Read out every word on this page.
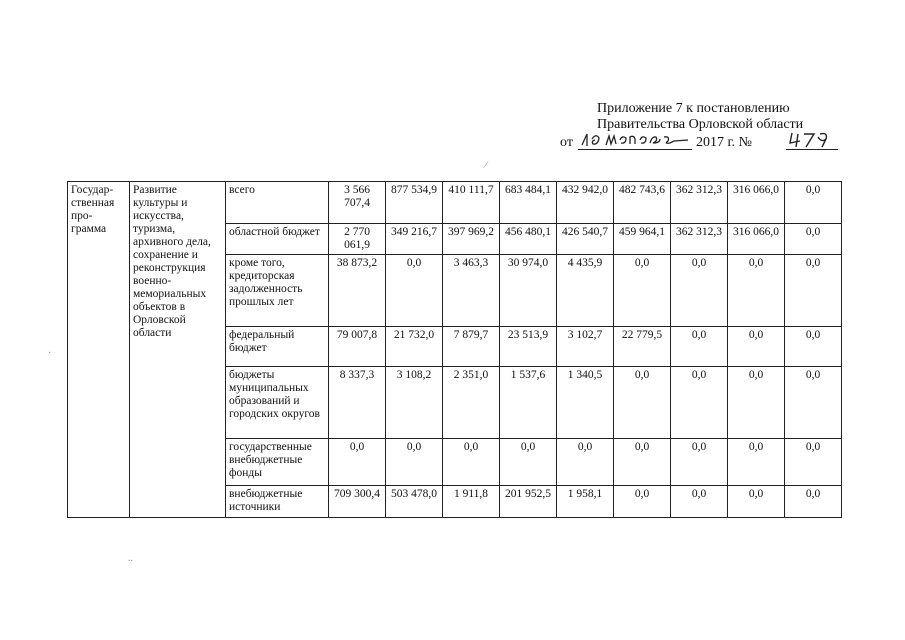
Приложение 7 к постановлению
Правительства Орловской области
от	2017 г. №
∕
·
..
Государ-ственная про-грамма	Развитие культуры и искусства, туризма, архивного дела, сохранение и реконструкция военно-мемориальных объектов в Орловской области	всего	3 566 707,4	877 534,9	410 111,7	683 484,1	432 942,0	482 743,6	362 312,3	316 066,0	0,0
		областной бюджет	2 770 061,9	349 216,7	397 969,2	456 480,1	426 540,7	459 964,1	362 312,3	316 066,0	0,0
		кроме того, кредиторская задолженность прошлых лет	38 873,2	0,0	3 463,3	30 974,0	4 435,9	0,0	0,0	0,0	0,0
		федеральный бюджет	79 007,8	21 732,0	7 879,7	23 513,9	3 102,7	22 779,5	0,0	0,0	0,0
		бюджеты муниципальных образований и городских округов	8 337,3	3 108,2	2 351,0	1 537,6	1 340,5	0,0	0,0	0,0	0,0
		государственные внебюджетные фонды	0,0	0,0	0,0	0,0	0,0	0,0	0,0	0,0	0,0
		внебюджетные источники	709 300,4	503 478,0	1 911,8	201 952,5	1 958,1	0,0	0,0	0,0	0,0
